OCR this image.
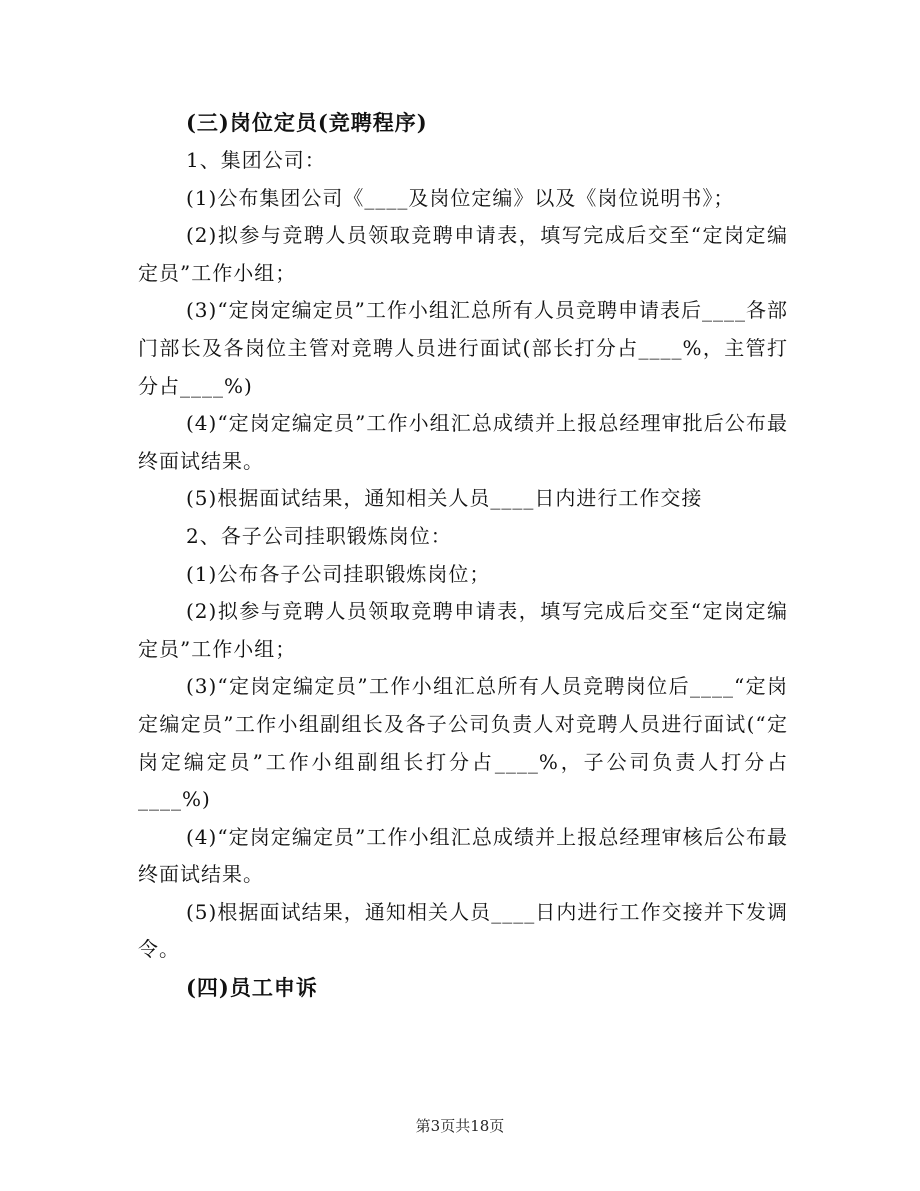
(三)岗位定员(竞聘程序)

1、集团公司：

(1)公布集团公司《____及岗位定编》以及《岗位说明书》；

(2)拟参与竞聘人员领取竞聘申请表，填写完成后交至“定岗定编定员”工作小组；

(3)“定岗定编定员”工作小组汇总所有人员竞聘申请表后____各部门部长及各岗位主管对竞聘人员进行面试(部长打分占____%，主管打分占____%)

(4)“定岗定编定员”工作小组汇总成绩并上报总经理审批后公布最终面试结果。

(5)根据面试结果，通知相关人员____日内进行工作交接

2、各子公司挂职锻炼岗位：

(1)公布各子公司挂职锻炼岗位；

(2)拟参与竞聘人员领取竞聘申请表，填写完成后交至“定岗定编定员”工作小组；

(3)“定岗定编定员”工作小组汇总所有人员竞聘岗位后____“定岗定编定员”工作小组副组长及各子公司负责人对竞聘人员进行面试(“定岗定编定员”工作小组副组长打分占____%，子公司负责人打分占____%)

(4)“定岗定编定员”工作小组汇总成绩并上报总经理审核后公布最终面试结果。

(5)根据面试结果，通知相关人员____日内进行工作交接并下发调令。

(四)员工申诉

第3页共18页
